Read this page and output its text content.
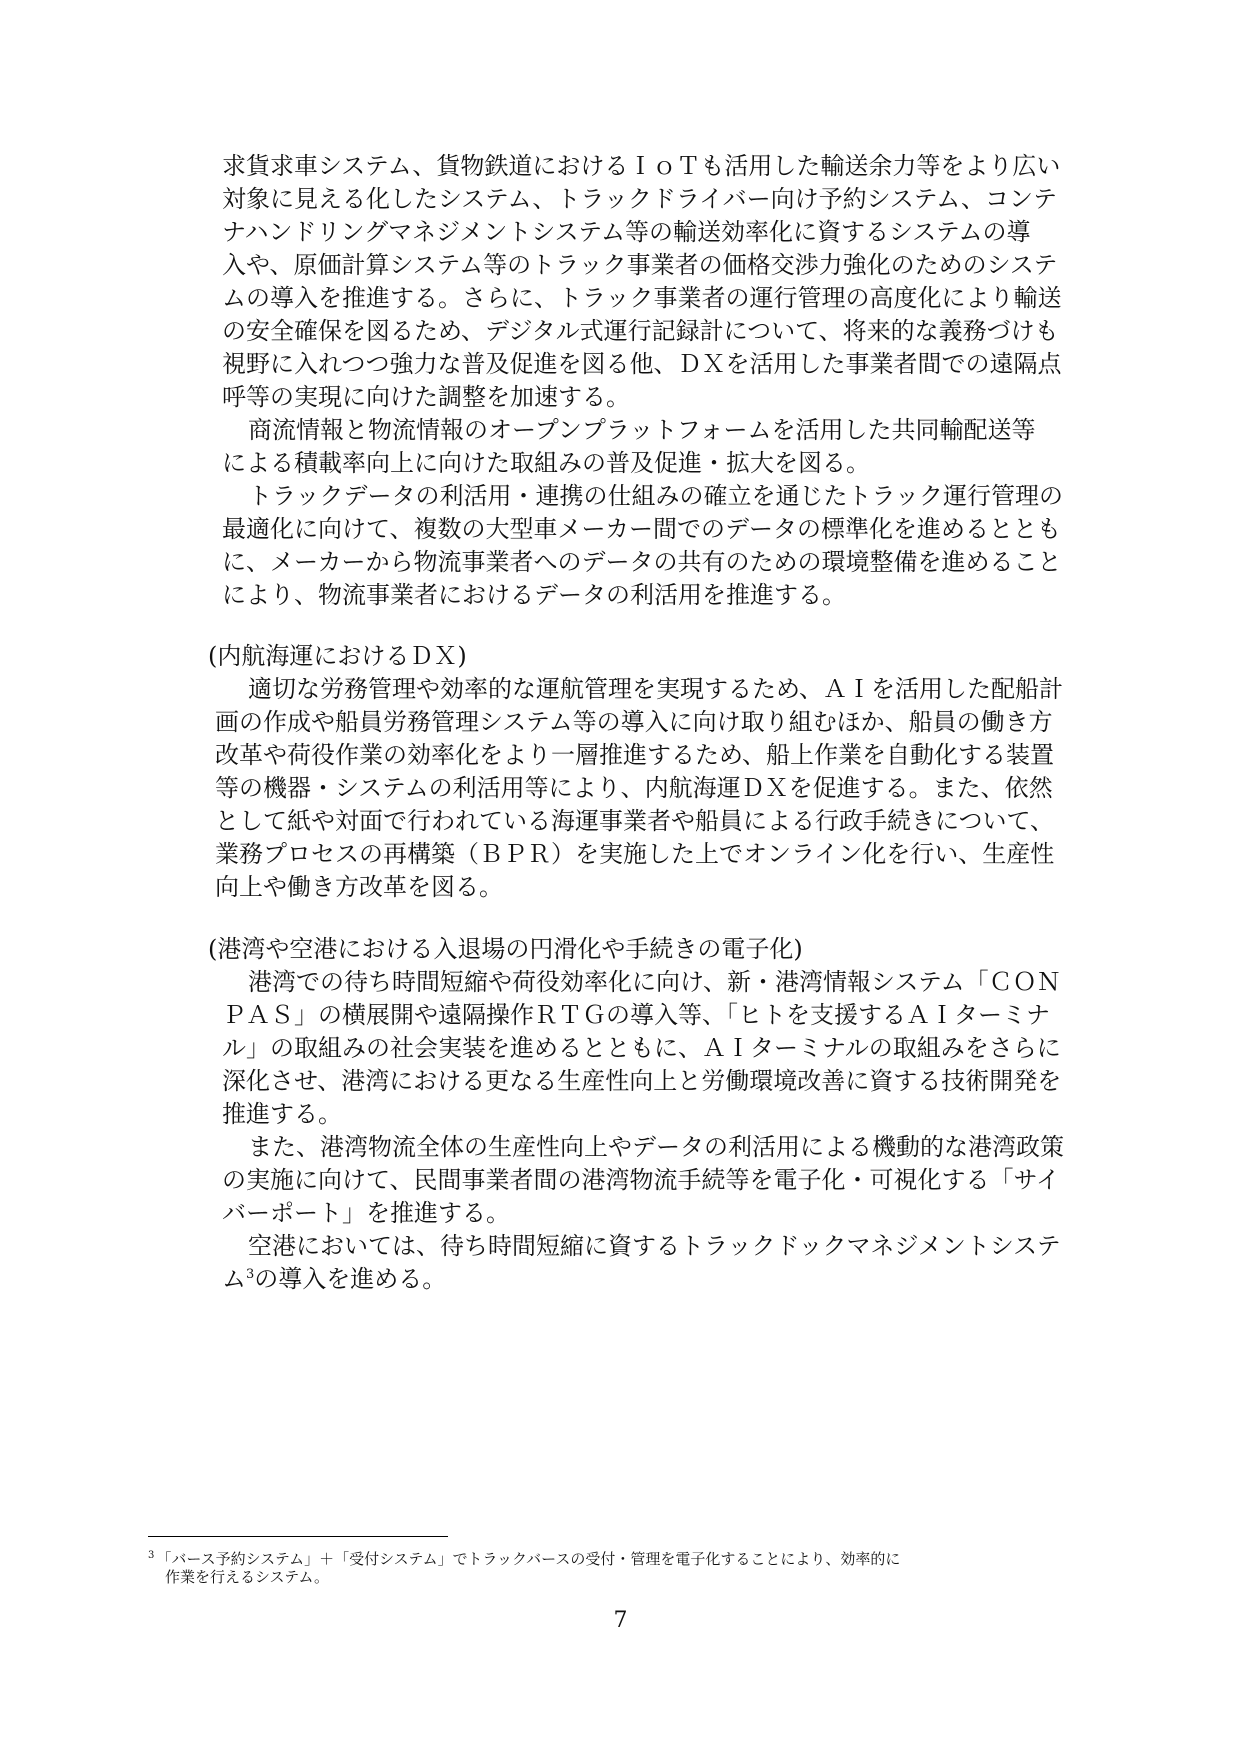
求貨求車システム、貨物鉄道におけるＩｏＴも活用した輸送余力等をより広い
対象に見える化したシステム、トラックドライバー向け予約システム、コンテ
ナハンドリングマネジメントシステム等の輸送効率化に資するシステムの導
入や、原価計算システム等のトラック事業者の価格交渉力強化のためのシステ
ムの導入を推進する。さらに、トラック事業者の運行管理の高度化により輸送
の安全確保を図るため、デジタル式運行記録計について、将来的な義務づけも
視野に入れつつ強力な普及促進を図る他、ＤＸを活用した事業者間での遠隔点
呼等の実現に向けた調整を加速する。
商流情報と物流情報のオープンプラットフォームを活用した共同輸配送等
による積載率向上に向けた取組みの普及促進・拡大を図る。
トラックデータの利活用・連携の仕組みの確立を通じたトラック運行管理の
最適化に向けて、複数の大型車メーカー間でのデータの標準化を進めるととも
に、メーカーから物流事業者へのデータの共有のための環境整備を進めること
により、物流事業者におけるデータの利活用を推進する。
(内航海運におけるＤＸ)
適切な労務管理や効率的な運航管理を実現するため、ＡＩを活用した配船計
画の作成や船員労務管理システム等の導入に向け取り組むほか、船員の働き方
改革や荷役作業の効率化をより一層推進するため、船上作業を自動化する装置
等の機器・システムの利活用等により、内航海運ＤＸを促進する。また、依然
として紙や対面で行われている海運事業者や船員による行政手続きについて、
業務プロセスの再構築（ＢＰＲ）を実施した上でオンライン化を行い、生産性
向上や働き方改革を図る。
(港湾や空港における入退場の円滑化や手続きの電子化)
港湾での待ち時間短縮や荷役効率化に向け、新・港湾情報システム「ＣＯＮ
ＰＡＳ」の横展開や遠隔操作ＲＴＧの導入等、「ヒトを支援するＡＩターミナ
ル」の取組みの社会実装を進めるとともに、ＡＩターミナルの取組みをさらに
深化させ、港湾における更なる生産性向上と労働環境改善に資する技術開発を
推進する。
また、港湾物流全体の生産性向上やデータの利活用による機動的な港湾政策
の実施に向けて、民間事業者間の港湾物流手続等を電子化・可視化する「サイ
バーポート」を推進する。
空港においては、待ち時間短縮に資するトラックドックマネジメントシステ
ム$^3$の導入を進める。
$^3$ 「バース予約システム」＋「受付システム」でトラックバースの受付・管理を電子化することにより、効率的に
作業を行えるシステム。
7
